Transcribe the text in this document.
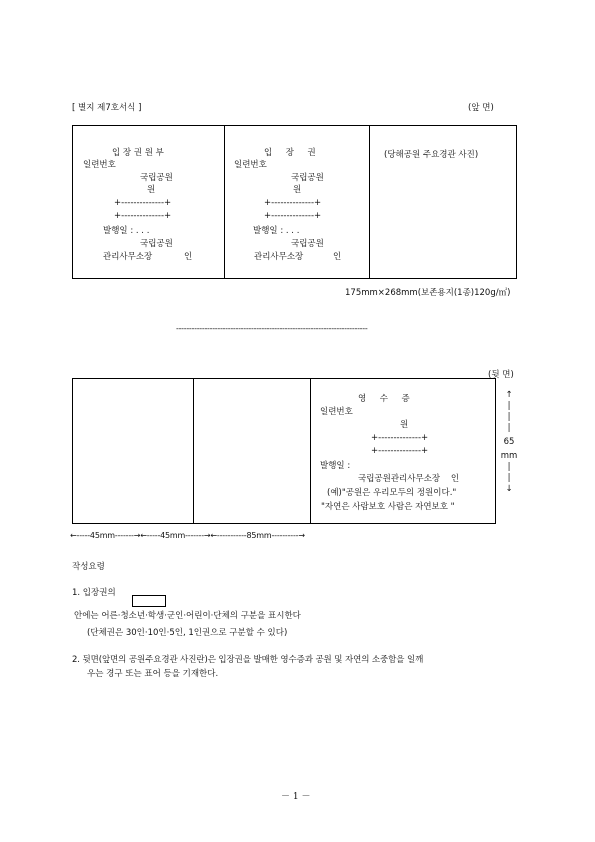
[ 별지 제7호서식 ]	(앞 면)
입 장 권 원 부
일련번호
국립공원
원
+--------------+
+--------------+
발행일 : . . .
국립공원
관리사무소장	인
입     장     권
일련번호
국립공원
원
+--------------+
+--------------+
발행일 : . . .
국립공원
관리사무소장	인
(당해공원 주요경관 사진)
175mm×268mm(보존용지(1종)120g/㎡)
--------------------------------------------------------------------------
(뒷 면)
영     수     증
일련번호
원
+--------------+
+--------------+
발행일 :
국립공원관리사무소장    인
(예)"공원은 우리모두의 정원이다."
"자연은 사람보호 사람은 자연보호 "
↑
|
|
|
65
mm
|
|
↓
←-----45mm-------→←-----45mm-------→←-----------85mm----------→
작성요령
1. 입장권의
안에는 어른·청소년·학생·군인·어린이·단체의 구분을 표시한다
(단체권은 30인·10인·5인, 1인권으로 구분할 수 있다)
2. 뒷면(앞면의 공원주요경관 사진란)은 입장권을 발매한 영수증과 공원 및 자연의 소중함을 일깨
우는 경구 또는 표어 등을 기재한다.
－ 1 －
